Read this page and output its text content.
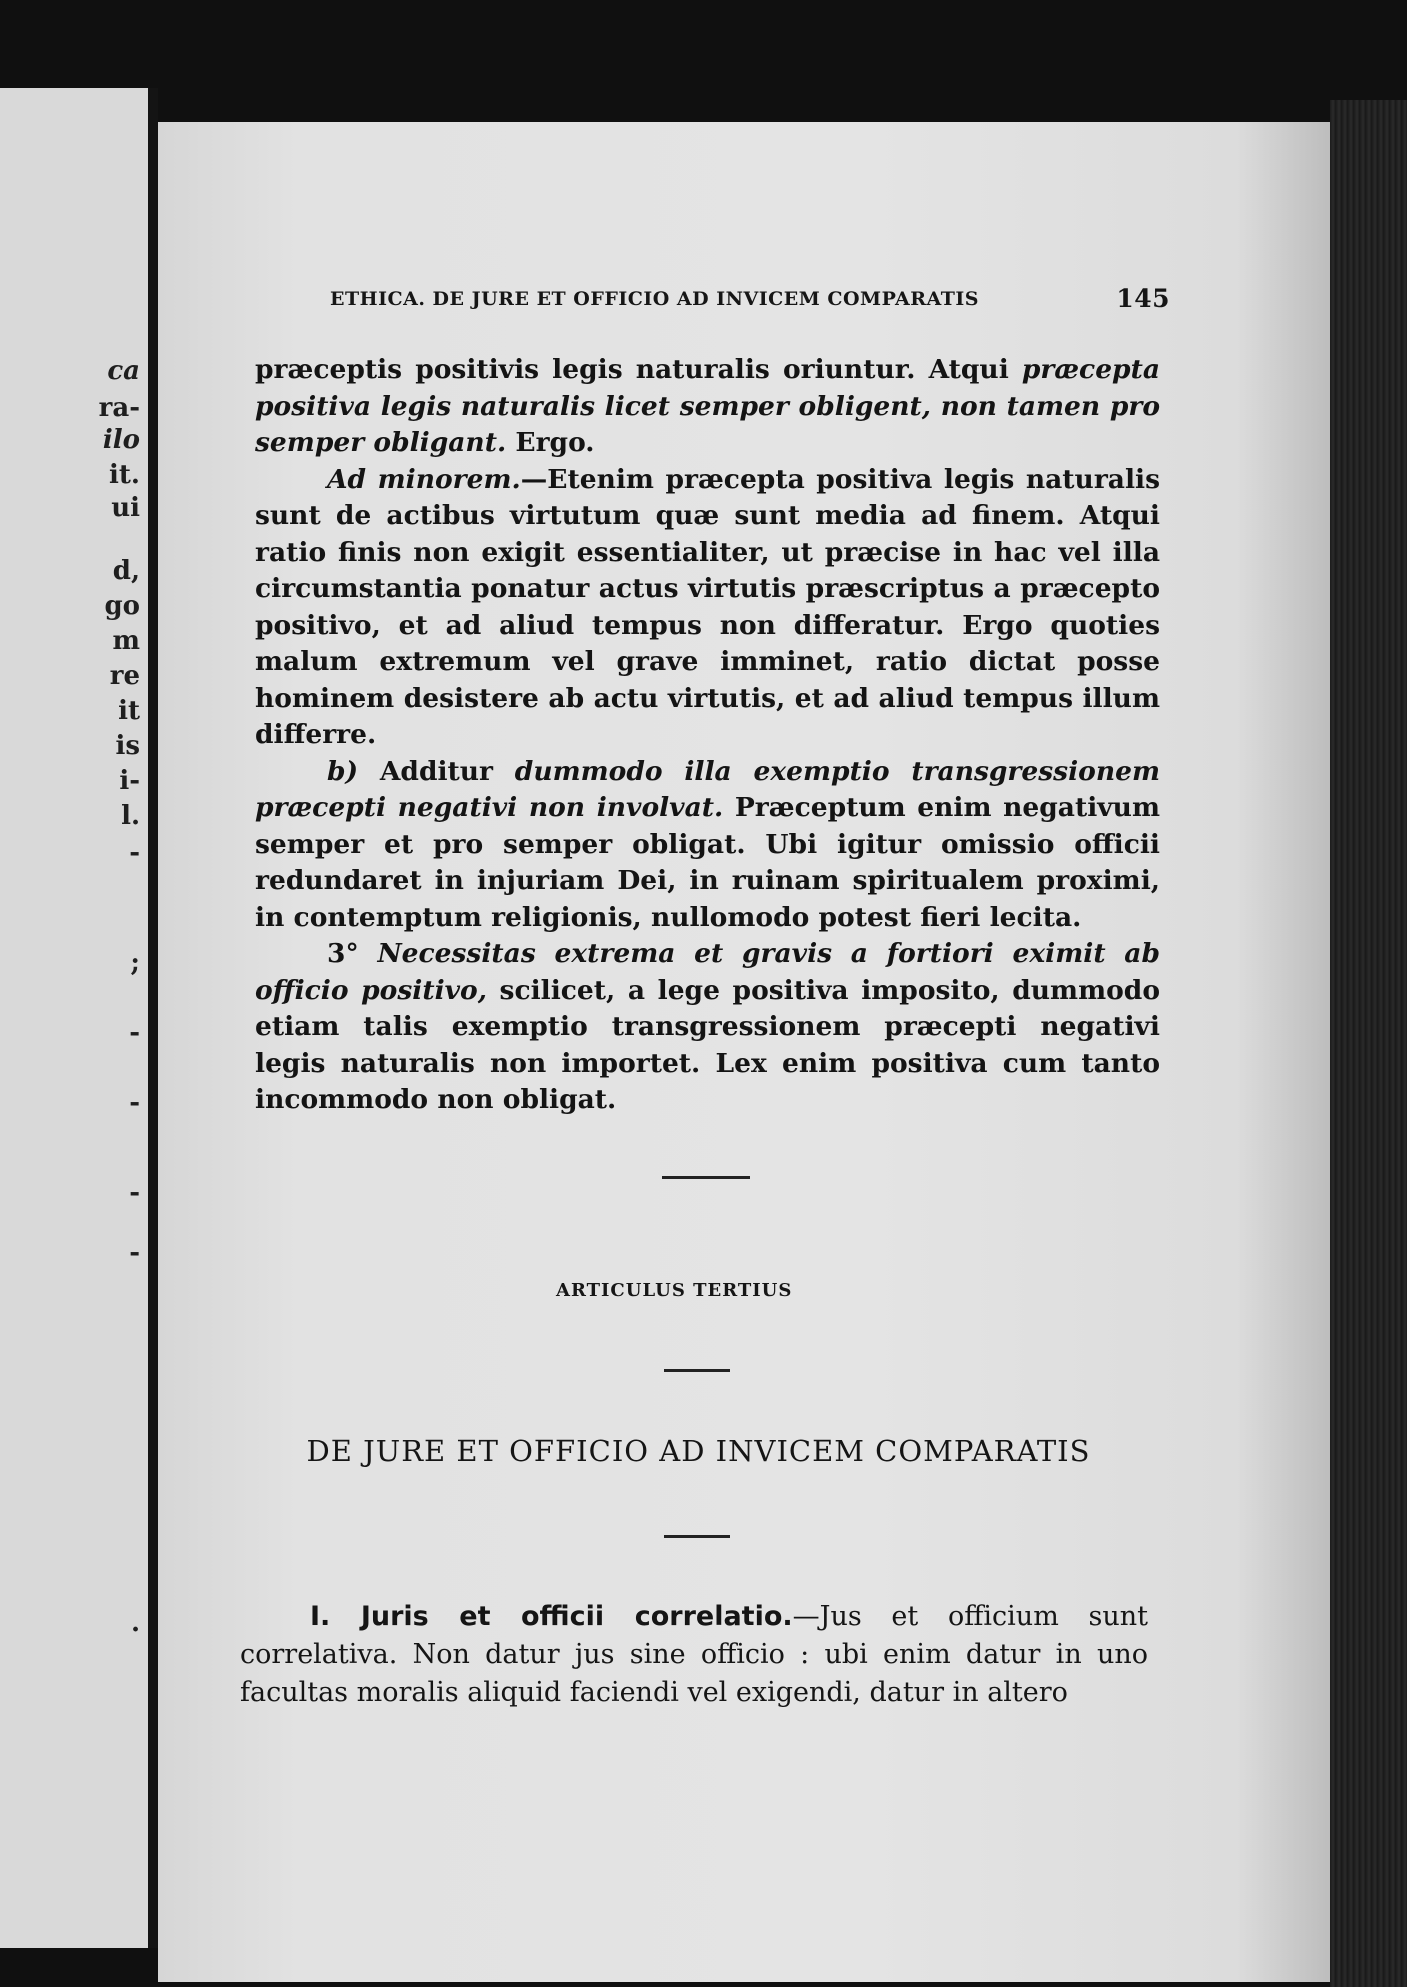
ca
ra-
ilo
it.
ui
d,
go
m
re
it
is
i-
l.
-
;
-
-
-
-
.
ETHICA. DE JURE ET OFFICIO AD INVICEM COMPARATIS	145

præceptis positivis legis naturalis oriuntur. Atqui præcepta positiva legis naturalis licet semper obligent, non tamen pro semper obligant. Ergo.

Ad minorem.—Etenim præcepta positiva legis naturalis sunt de actibus virtutum quæ sunt media ad finem. Atqui ratio finis non exigit essentialiter, ut præcise in hac vel illa circumstantia ponatur actus virtutis præscriptus a præcepto positivo, et ad aliud tempus non differatur. Ergo quoties malum extremum vel grave imminet, ratio dictat posse hominem desistere ab actu virtutis, et ad aliud tempus illum differre.

b) Additur dummodo illa exemptio transgressionem præcepti negativi non involvat. Præceptum enim negativum semper et pro semper obligat. Ubi igitur omissio officii redundaret in injuriam Dei, in ruinam spiritualem proximi, in contemptum religionis, nullomodo potest fieri lecita.

3° Necessitas extrema et gravis a fortiori eximit ab officio positivo, scilicet, a lege positiva imposito, dummodo etiam talis exemptio transgressionem præcepti negativi legis naturalis non importet. Lex enim positiva cum tanto incommodo non obligat.

ARTICULUS TERTIUS
DE JURE ET OFFICIO AD INVICEM COMPARATIS

I. Juris et officii correlatio.—Jus et officium sunt correlativa. Non datur jus sine officio : ubi enim datur in uno facultas moralis aliquid faciendi vel exigendi, datur in altero
